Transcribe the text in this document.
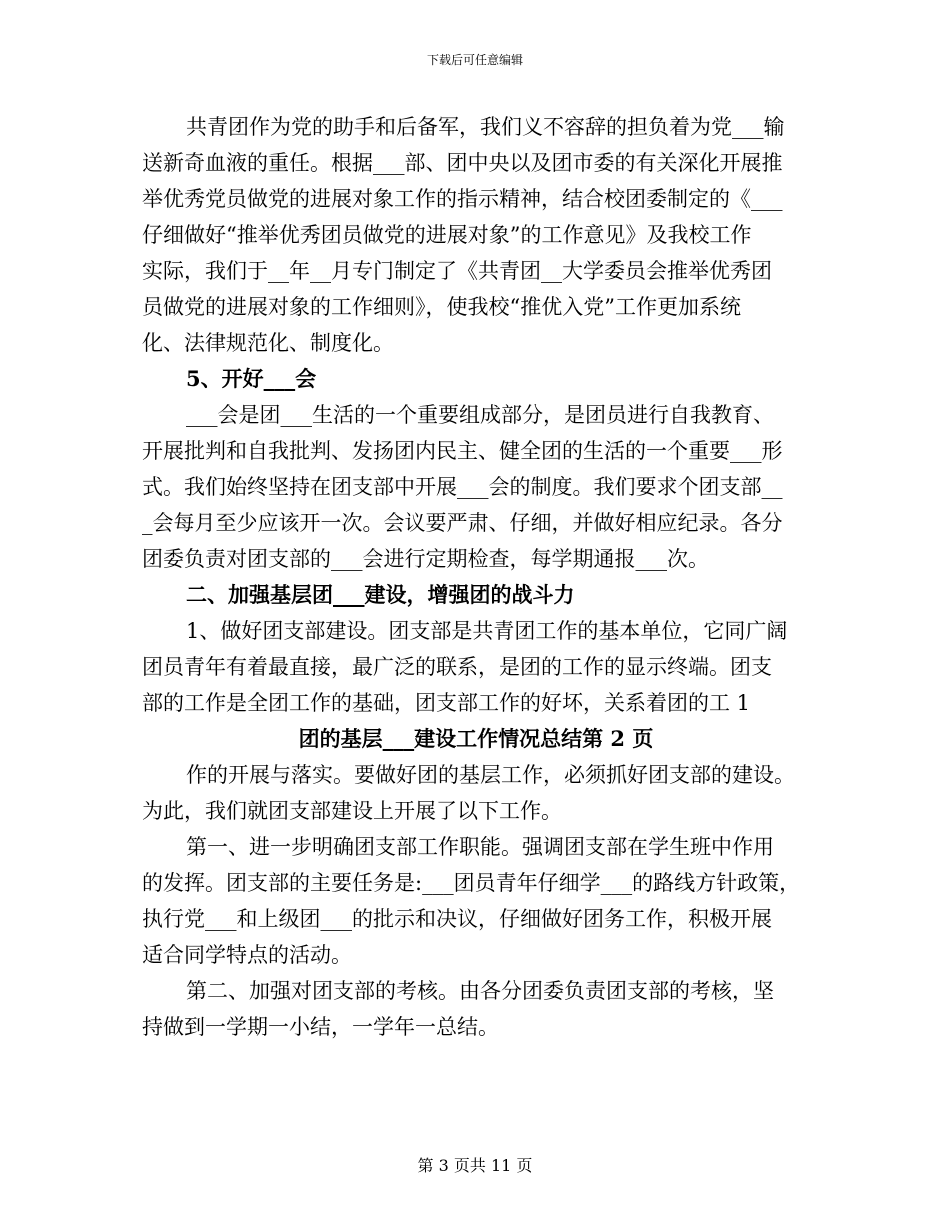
下载后可任意编辑
共青团作为党的助手和后备军，我们义不容辞的担负着为党___输
送新奇血液的重任。根据___部、团中央以及团市委的有关深化开展推
举优秀党员做党的进展对象工作的指示精神，结合校团委制定的《___
仔细做好“推举优秀团员做党的进展对象”的工作意见》及我校工作
实际，我们于__年__月专门制定了《共青团__大学委员会推举优秀团
员做党的进展对象的工作细则》，使我校“推优入党”工作更加系统
化、法律规范化、制度化。
5、开好___会
___会是团___生活的一个重要组成部分，是团员进行自我教育、
开展批判和自我批判、发扬团内民主、健全团的生活的一个重要___形
式。我们始终坚持在团支部中开展___会的制度。我们要求个团支部__
_会每月至少应该开一次。会议要严肃、仔细，并做好相应纪录。各分
团委负责对团支部的___会进行定期检查，每学期通报___次。
二、加强基层团___建设，增强团的战斗力
1、做好团支部建设。团支部是共青团工作的基本单位，它同广阔
团员青年有着最直接，最广泛的联系，是团的工作的显示终端。团支
部的工作是全团工作的基础，团支部工作的好坏，关系着团的工 1
团的基层___建设工作情况总结第 2 页
作的开展与落实。要做好团的基层工作，必须抓好团支部的建设。
为此，我们就团支部建设上开展了以下工作。
第一、进一步明确团支部工作职能。强调团支部在学生班中作用
的发挥。团支部的主要任务是:___团员青年仔细学___的路线方针政策，
执行党___和上级团___的批示和决议，仔细做好团务工作，积极开展
适合同学特点的活动。
第二、加强对团支部的考核。由各分团委负责团支部的考核，坚
持做到一学期一小结，一学年一总结。
第 3 页共 11 页
